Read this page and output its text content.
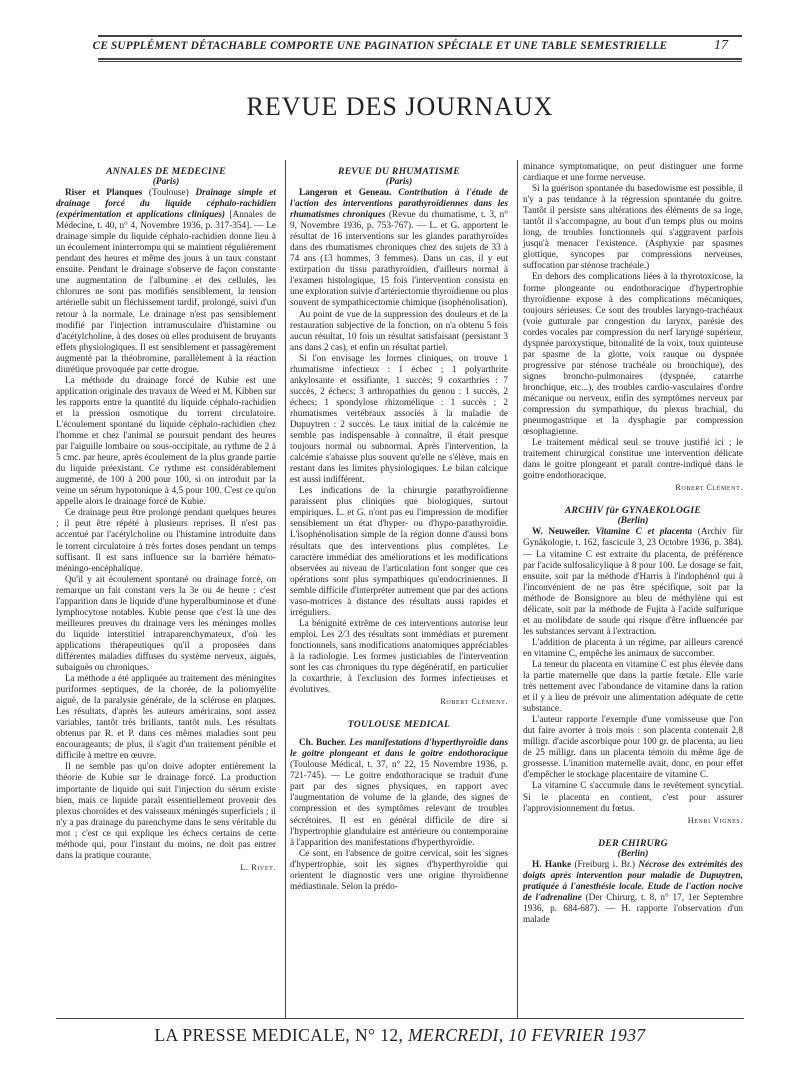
CE SUPPLÉMENT DÉTACHABLE COMPORTE UNE PAGINATION SPÉCIALE ET UNE TABLE SEMESTRIELLE	17
REVUE DES JOURNAUX

ANNALES DE MEDECINE

(Paris)

Riser et Planques (Toulouse) Drainage simple et drainage forcé du liquide céphalo-rachidien (expérimentation et applications cliniques) [Annales de Médecine, t. 40, n° 4, Novembre 1936, p. 317-354]. — Le drainage simple du liquide céphalo-rachidien donne lieu à un écoulement ininterrompu qui se maintient régulièrement pendant des heures et même des jours à un taux constant ensuite. Pendant le drainage s'observe de façon constante une augmentation de l'albumine et des cellules, les chlorures ne sont pas modifiés sensiblement, la tension artérielle subit un fléchissement tardif, prolongé, suivi d'un retour à la normale. Le drainage n'est pas sensiblement modifié par l'injection intramusculaire d'histamine ou d'acétylcholine, à des doses où elles produisent de bruyants effets physiologiques. Il est sensiblement et passagèrement augmenté par la théobromine, parallèlement à la réaction diurétique provoquée par cette drogue.

La méthode du drainage forcé de Kubie est une application originale des travaux de Weed et M. Kibben sur les rapports entre la quantité du liquide céphalo-rachidien et la pression osmotique du torrent circulatoire. L'écoulement spontané du liquide céphalo-rachidien chez l'homme et chez l'animal se poursuit pendant des heures par l'aiguille lombaire ou sous-occipitale, au rythme de 2 à 5 cmc. par heure, après écoulement de la plus grande partie du liquide préexistant. Ce rythme est considérablement augmenté, de 100 à 200 pour 100, si on introduit par la veine un sérum hypotonique à 4,5 pour 100. C'est ce qu'on appelle alors le drainage forcé de Kubie.

Ce drainage peut être prolongé pendant quelques heures ; il peut être répété à plusieurs reprises. Il n'est pas accentué par l'acétylcholine ou l'histamine introduite dans le torrent circulatoire à très fortes doses pendant un temps suffisant. Il est sans influence sur la barrière hémato-méningo-encéphalique.

Qu'il y ait écoulement spontané ou drainage forcé, on remarque un fait constant vers la 3e ou 4e heure : c'est l'apparition dans le liquide d'une hyperalbuminose et d'une lymphocytose notables. Kubie pense que c'est là une des meilleures preuves du drainage vers les méninges molles du liquide interstitiel intraparenchymateux, d'où les applications thérapeutiques qu'il a proposées dans différentes maladies diffuses du système nerveux, aiguës, subaiguës ou chroniques.

La méthode a été appliquée au traitement des méningites puriformes septiques, de la chorée, de la poliomyélite aiguë, de la paralysie générale, de la sclérose en plaques. Les résultats, d'après les auteurs américains, sont assez variables, tantôt très brillants, tantôt nuls. Les résultats obtenus par R. et P. dans ces mêmes maladies sont peu encourageants; de plus, il s'agit d'un traitement pénible et difficile à mettre en œuvre.

Il ne semble pas qu'on doive adopter entièrement la théorie de Kubie sur le drainage forcé. La production importante de liquide qui suit l'injection du sérum existe bien, mais ce liquide paraît essentiellement provenir des plexus choroïdes et des vaisseaux méningés superficiels ; il n'y a pas drainage du parenchyme dans le sens véritable du mot ; c'est ce qui explique les échecs certains de cette méthode qui, pour l'instant du moins, ne doit pas entrer dans la pratique courante.

L. Rivet.

REVUE DU RHUMATISME

(Paris)

Langeron et Geneau. Contribution à l'étude de l'action des interventions parathyroïdiennes dans les rhumatismes chroniques (Revue du rhumatisme, t. 3, n° 9, Novembre 1936, p. 753-767). — L. et G. apportent le résultat de 16 interventions sur les glandes parathyroïdes dans des rhumatismes chroniques chez des sujets de 33 à 74 ans (13 hommes, 3 femmes). Dans un cas, il y eut extirpation du tissu parathyroïdien, d'ailleurs normal à l'examen histologique, 15 fois l'intervention consista en une exploration suivie d'artériectomie thyroïdienne ou plus souvent de sympathicectomie chimique (isophénolisation).

Au point de vue de la suppression des douleurs et de la restauration subjective de la fonction, on n'a obtenu 5 fois aucun résultat, 10 fois un résultat satisfaisant (persistant 3 ans dans 2 cas), et enfin un résultat partiel.

Si l'on envisage les formes cliniques, on trouve 1 rhumatisme infectieux : 1 échec ; 1 polyarthrite ankylosante et ossifiante, 1 succès; 9 coxarthries : 7 succès, 2 échecs; 3 arthropathies du genou : 1 succès, 2 échecs; 1 spondylose rhizomélique : 1 succès ; 2 rhumatismes vertébraux associés à la maladie de Dupuytren : 2 succès. Le taux initial de la calcémie ne semble pas indispensable à connaître, il était presque toujours normal ou subnormal. Après l'intervention, la calcémie s'abaisse plus souvent qu'elle ne s'élève, mais en restant dans les limites physiologiques. Le bilan calcique est aussi indifférent.

Les indications de la chirurgie parathyroïdienne paraissent plus cliniques que biologiques, surtout empiriques. L. et G. n'ont pas eu l'impression de modifier sensiblement un état d'hyper- ou d'hypo-parathyroïdie. L'isophénolisation simple de la région donne d'aussi bons résultats que des interventions plus complètes. Le caractère immédiat des améliorations et les modifications observées au niveau de l'articulation font songer que ces opérations sont plus sympathiques qu'endocriniennes. Il semble difficile d'interpréter autrement que par des actions vaso-motrices à distance des résultats aussi rapides et irréguliers.

La bénignité extrême de ces interventions autorise leur emploi. Les 2/3 des résultats sont immédiats et purement fonctionnels, sans modifications anatomiques appréciables à la radiologie. Les formes justiciables de l'intervention sont les cas chroniques du type dégénératif, en particulier la coxarthrie, à l'exclusion des formes infectieuses et évolutives.

Robert Clément.

TOULOUSE MEDICAL

Ch. Bucher. Les manifestations d'hyperthyroïdie dans le goitre plongeant et dans le goitre endothoracique (Toulouse Médical, t. 37, n° 22, 15 Novembre 1936, p. 721-745). — Le goitre endothoracique se traduit d'une part par des signes physiques, en rapport avec l'augmentation de volume de la glande, des signes de compression et des symptômes relevant de troubles sécrétoires. Il est en général difficile de dire si l'hypertrophie glandulaire est antérieure ou contemporaine à l'apparition des manifestations d'hyperthyroïdie.

Ce sont, en l'absence de goitre cervical, soit les signes d'hypertrophie, soit les signes d'hyperthyroïdie qui orientent le diagnostic vers une origine thyroïdienne médiastinale. Selon la prédo-

minance symptomatique, on peut distinguer une forme cardiaque et une forme nerveuse.

Si la guérison spontanée du basedowisme est possible, il n'y a pas tendance à la régression spontanée du goitre. Tantôt il persiste sans altérations des éléments de sa loge, tantôt il s'accompagne, au bout d'un temps plus ou moins long, de troubles fonctionnels qui s'aggravent parfois jusqu'à menacer l'existence. (Asphyxie par spasmes glottique, syncopes par compressions nerveuses, suffocation par sténose trachéale.)

En dehors des complications liées à la thyrotoxicose, la forme plongeante ou endothoracique d'hypertrophie thyroïdienne expose à des complications mécaniques, toujours sérieuses. Ce sont des troubles laryngo-trachéaux (voie gutturale par congestion du larynx, parésie des cordes vocales par compression du nerf laryngé supérieur, dyspnée paroxystique, bitonalité de la voix, toux quinteuse par spasme de la glotte, voix rauque ou dyspnée progressive par sténose trachéale ou bronchique), des signes broncho-pulmonaires (dyspnée, catarrhe bronchique, etc...), des troubles cardio-vasculaires d'ordre mécanique ou nerveux, enfin des symptômes nerveux par compression du sympathique, du plexus brachial, du pneumogastrique et la dysphagie par compression œsophagienne.

Le traitement médical seul se trouve justifié ici ; le traitement chirurgical constitue une intervention délicate dans le goitre plongeant et paraît contre-indiqué dans le goitre endothoracique.

Robert Clément.

ARCHIV für GYNAEKOLOGIE

(Berlin)

W. Neuweiler. Vitamine C et placenta (Archiv für Gynäkologie, t. 162, fascicule 3, 23 Octobre 1936, p. 384). — La vitamine C est extraite du placenta, de préférence par l'acide sulfosalicylique à 8 pour 100. Le dosage se fait, ensuite, soit par la méthode d'Harris à l'indophénol qui à l'inconvénient de ne pas être spécifique, soit par la méthode de Bonsignore au bleu de méthylène qui est délicate, soit par la méthode de Fujita à l'acide sulfurique et au molibdate de soude qui risque d'être influencée par les substances servant à l'extraction.

L'addition de placenta à un régime, par ailleurs carencé en vitamine C, empêche les animaux de succomber.

La teneur du placenta en vitamine C est plus élevée dans la partie maternelle que dans la partie fœtale. Elle varie très nettement avec l'abondance de vitamine dans la ration et il y a lieu de prévoir une alimentation adéquate de cette substance.

L'auteur rapporte l'exemple d'une vomisseuse que l'on dut faire avorter à trois mois : son placenta contenait 2,8 milligr. d'acide ascorbique pour 100 gr. de placenta, au lieu de 25 milligr. dans un placenta témoin du même âge de grossesse. L'inanition maternelle avait, donc, en pour effet d'empêcher le stockage placentaire de vitamine C.

La vitamine C s'accumule dans le revêtement syncytial. Si le placenta en contient, c'est pour assurer l'approvisionnement du fœtus.

Henri Vignes.

DER CHIRURG

(Berlin)

H. Hanke (Freiburg i. Br.) Nécrose des extrémités des doigts après intervention pour maladie de Dupuytren, pratiquée à l'anesthésie locale. Etude de l'action nocive de l'adrenaline (Der Chirurg, t. 8, n° 17, 1er Septembre 1936, p. 684-687). — H. rapporte l'observation d'un malade

LA PRESSE MEDICALE, N° 12, MERCREDI, 10 FEVRIER 1937
